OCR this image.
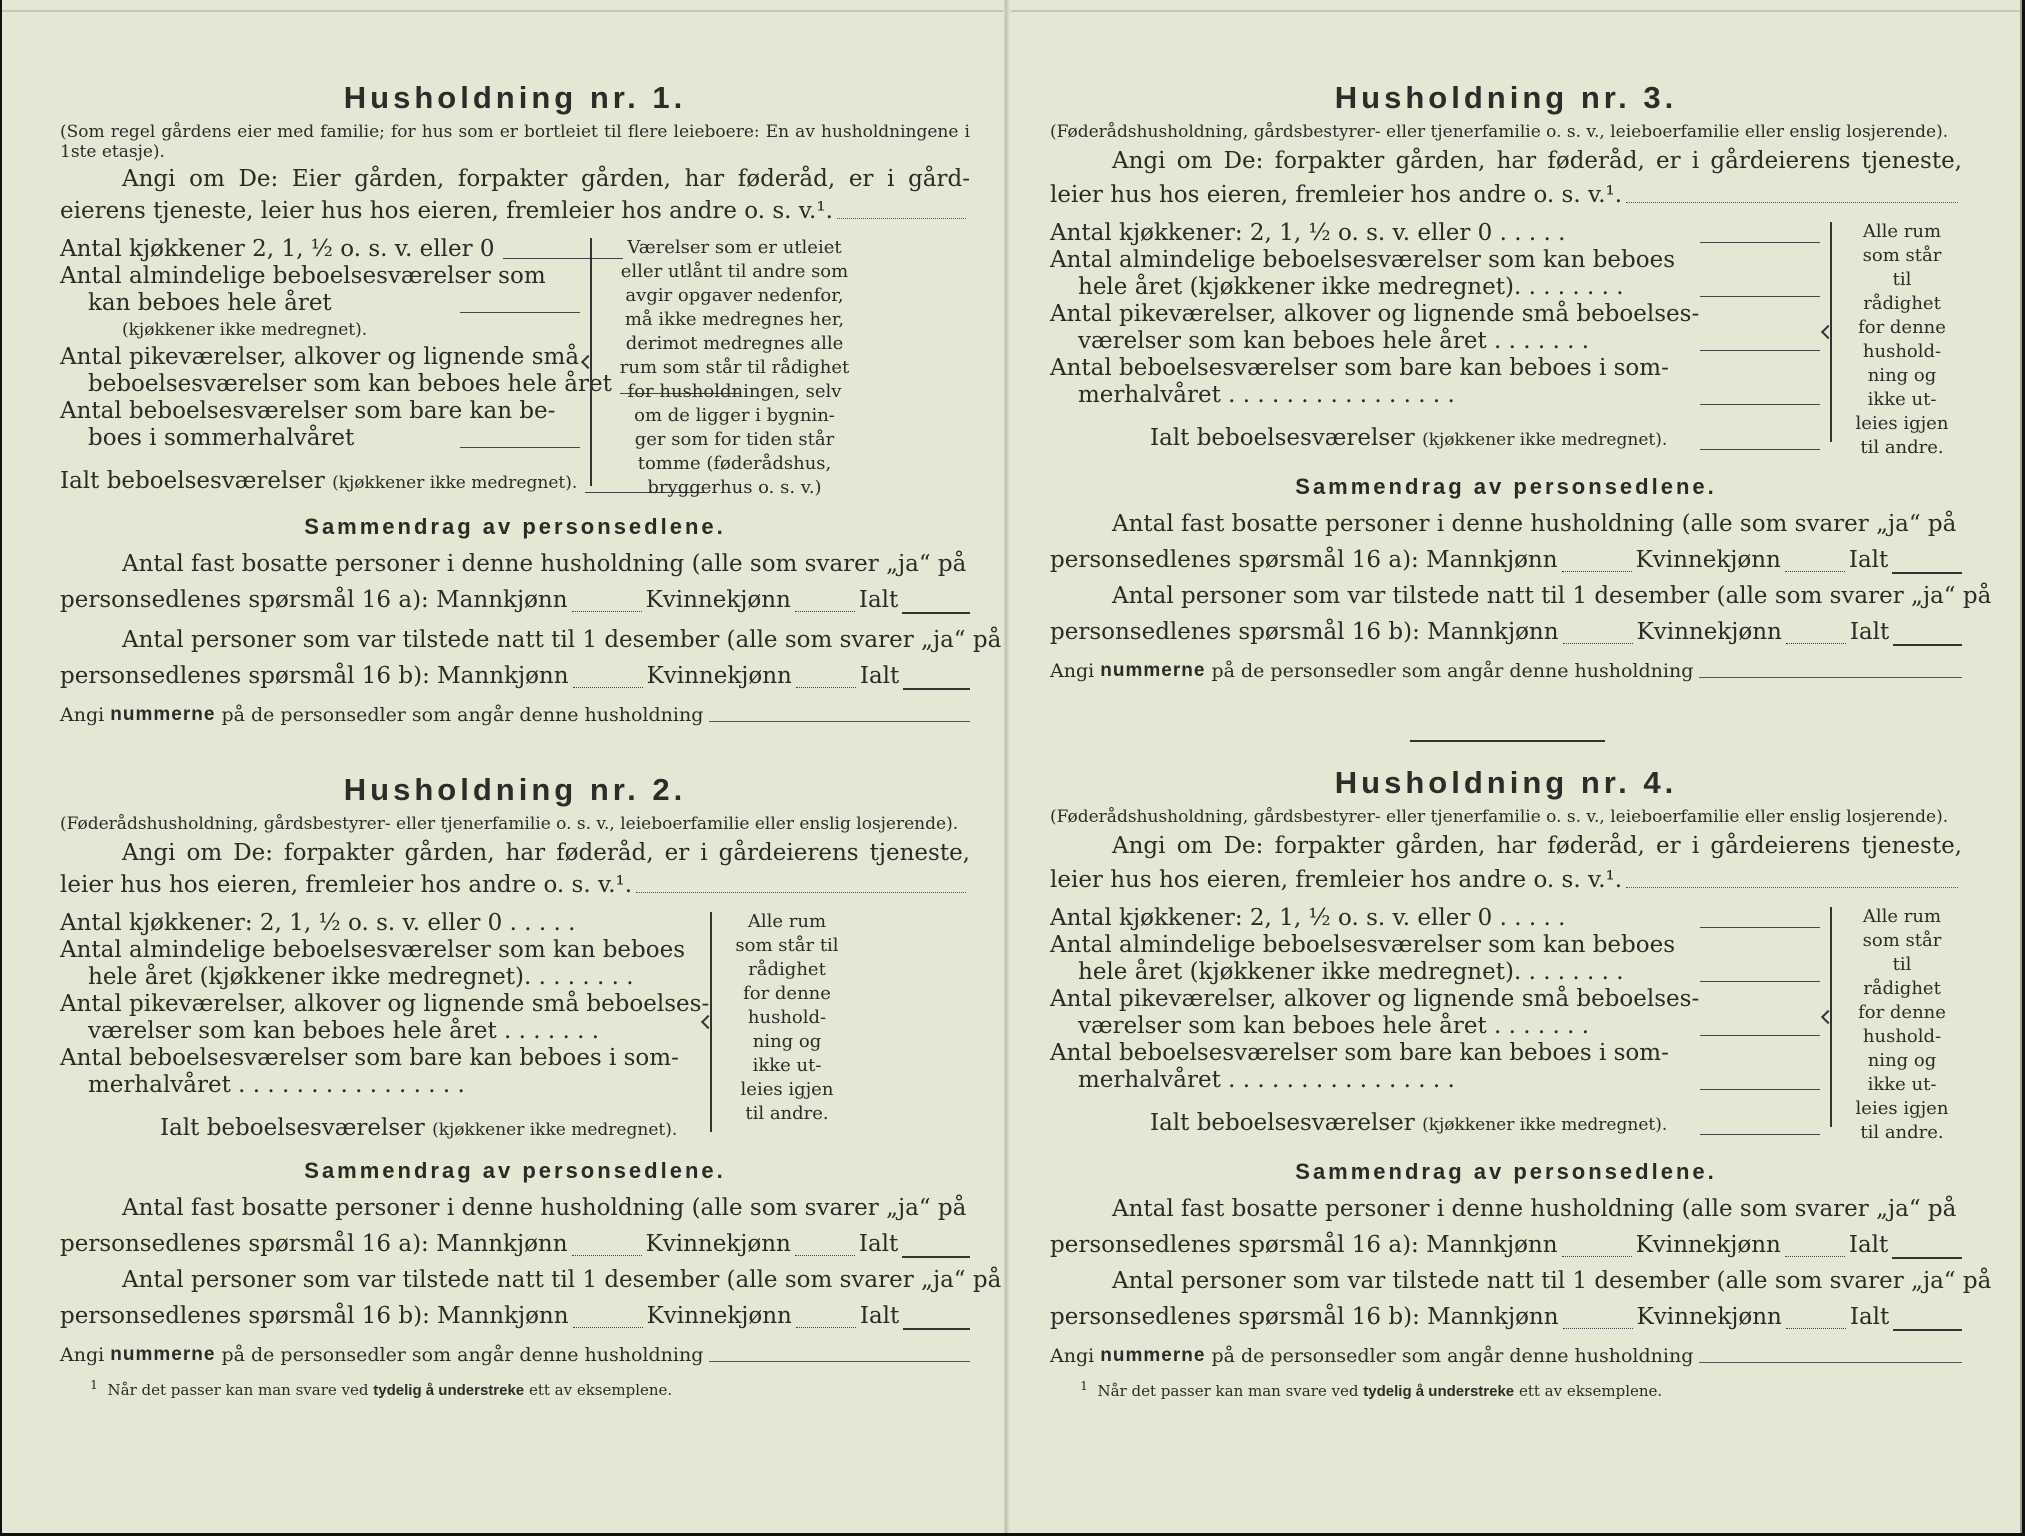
Husholdning nr. 1.

(Som regel gårdens eier med familie; for hus som er bortleiet til flere leieboere: En av husholdningene i 1ste etasje).

Angi om De: Eier gården, forpakter gården, har føderåd, er i gård-
eierens tjeneste, leier hus hos eieren, fremleier hos andre o. s. v.¹.
Antal kjøkkener 2, 1, ½ o. s. v. eller 0
Antal almindelige beboelsesværelser som
kan beboes hele året
(kjøkkener ikke medregnet).
Antal pikeværelser, alkover og lignende små
beboelsesværelser som kan beboes hele året
Antal beboelsesværelser som bare kan be-
boes i sommerhalvåret
Ialt beboelsesværelser (kjøkkener ikke medregnet).
Værelser som er utleiet
eller utlånt til andre som
avgir opgaver nedenfor,
må ikke medregnes her,
derimot medregnes alle
rum som står til rådighet
for husholdningen, selv
om de ligger i bygnin-
ger som for tiden står
tomme (føderådshus,
bryggerhus o. s. v.)
Sammendrag av personsedlene.
Antal fast bosatte personer i denne husholdning (alle som svarer „ja“ på
personsedlenes spørsmål 16 a): Mannkjønn	Kvinnekjønn	Ialt
Antal personer som var tilstede natt til 1 desember (alle som svarer „ja“ på
personsedlenes spørsmål 16 b): Mannkjønn	Kvinnekjønn	Ialt
Angi
nummerne
på de personsedler som angår denne husholdning
Husholdning nr. 2.

(Føderådshusholdning, gårdsbestyrer- eller tjenerfamilie o. s. v., leieboerfamilie eller enslig losjerende).

Angi om De: forpakter gården, har føderåd, er i gårdeierens tjeneste,
leier hus hos eieren, fremleier hos andre o. s. v.¹.
Antal kjøkkener: 2, 1, ½ o. s. v. eller 0 . . . . .
Antal almindelige beboelsesværelser som kan beboes
hele året (kjøkkener ikke medregnet). . . . . . . .
Antal pikeværelser, alkover og lignende små beboelses-
værelser som kan beboes hele året . . . . . . .
Antal beboelsesværelser som bare kan beboes i som-
merhalvåret . . . . . . . . . . . . . . . .
Ialt beboelsesværelser (kjøkkener ikke medregnet).
Alle rum
som står til
rådighet
for denne
hushold-
ning og
ikke ut-
leies igjen
til andre.
Sammendrag av personsedlene.
Antal fast bosatte personer i denne husholdning (alle som svarer „ja“ på
personsedlenes spørsmål 16 a): Mannkjønn	Kvinnekjønn	Ialt
Antal personer som var tilstede natt til 1 desember (alle som svarer „ja“ på
personsedlenes spørsmål 16 b): Mannkjønn	Kvinnekjønn	Ialt
Angi
nummerne
på de personsedler som angår denne husholdning
$^1$ Når det passer kan man svare ved tydelig å understreke ett av eksemplene.
Husholdning nr. 3.

(Føderådshusholdning, gårdsbestyrer- eller tjenerfamilie o. s. v., leieboerfamilie eller enslig losjerende).

Angi om De: forpakter gården, har føderåd, er i gårdeierens tjeneste,
leier hus hos eieren, fremleier hos andre o. s. v.¹.
Antal kjøkkener: 2, 1, ½ o. s. v. eller 0 . . . . .
Antal almindelige beboelsesværelser som kan beboes
hele året (kjøkkener ikke medregnet). . . . . . . .
Antal pikeværelser, alkover og lignende små beboelses-
værelser som kan beboes hele året . . . . . . .
Antal beboelsesværelser som bare kan beboes i som-
merhalvåret . . . . . . . . . . . . . . . .
Ialt beboelsesværelser (kjøkkener ikke medregnet).
Alle rum
som står til
rådighet
for denne
hushold-
ning og
ikke ut-
leies igjen
til andre.
Sammendrag av personsedlene.
Antal fast bosatte personer i denne husholdning (alle som svarer „ja“ på
personsedlenes spørsmål 16 a): Mannkjønn	Kvinnekjønn	Ialt
Antal personer som var tilstede natt til 1 desember (alle som svarer „ja“ på
personsedlenes spørsmål 16 b): Mannkjønn	Kvinnekjønn	Ialt
Angi
nummerne
på de personsedler som angår denne husholdning
Husholdning nr. 4.

(Føderådshusholdning, gårdsbestyrer- eller tjenerfamilie o. s. v., leieboerfamilie eller enslig losjerende).

Angi om De: forpakter gården, har føderåd, er i gårdeierens tjeneste,
leier hus hos eieren, fremleier hos andre o. s. v.¹.
Antal kjøkkener: 2, 1, ½ o. s. v. eller 0 . . . . .
Antal almindelige beboelsesværelser som kan beboes
hele året (kjøkkener ikke medregnet). . . . . . . .
Antal pikeværelser, alkover og lignende små beboelses-
værelser som kan beboes hele året . . . . . . .
Antal beboelsesværelser som bare kan beboes i som-
merhalvåret . . . . . . . . . . . . . . . .
Ialt beboelsesværelser (kjøkkener ikke medregnet).
Alle rum
som står til
rådighet
for denne
hushold-
ning og
ikke ut-
leies igjen
til andre.
Sammendrag av personsedlene.
Antal fast bosatte personer i denne husholdning (alle som svarer „ja“ på
personsedlenes spørsmål 16 a): Mannkjønn	Kvinnekjønn	Ialt
Antal personer som var tilstede natt til 1 desember (alle som svarer „ja“ på
personsedlenes spørsmål 16 b): Mannkjønn	Kvinnekjønn	Ialt
Angi
nummerne
på de personsedler som angår denne husholdning
$^1$ Når det passer kan man svare ved tydelig å understreke ett av eksemplene.
